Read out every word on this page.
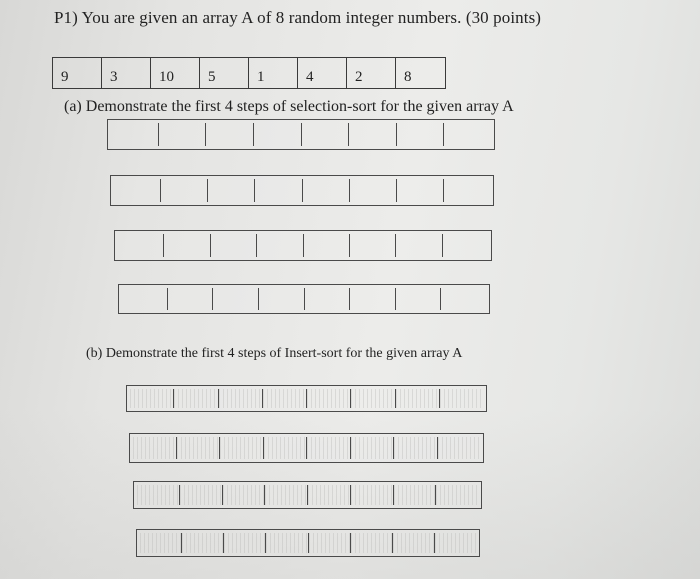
P1) You are given an array A of 8 random integer numbers. (30 points)
9	3	10	5	1	4	2	8
(a) Demonstrate the first 4 steps of selection-sort for the given array A
(b) Demonstrate the first 4 steps of Insert-sort for the given array A
